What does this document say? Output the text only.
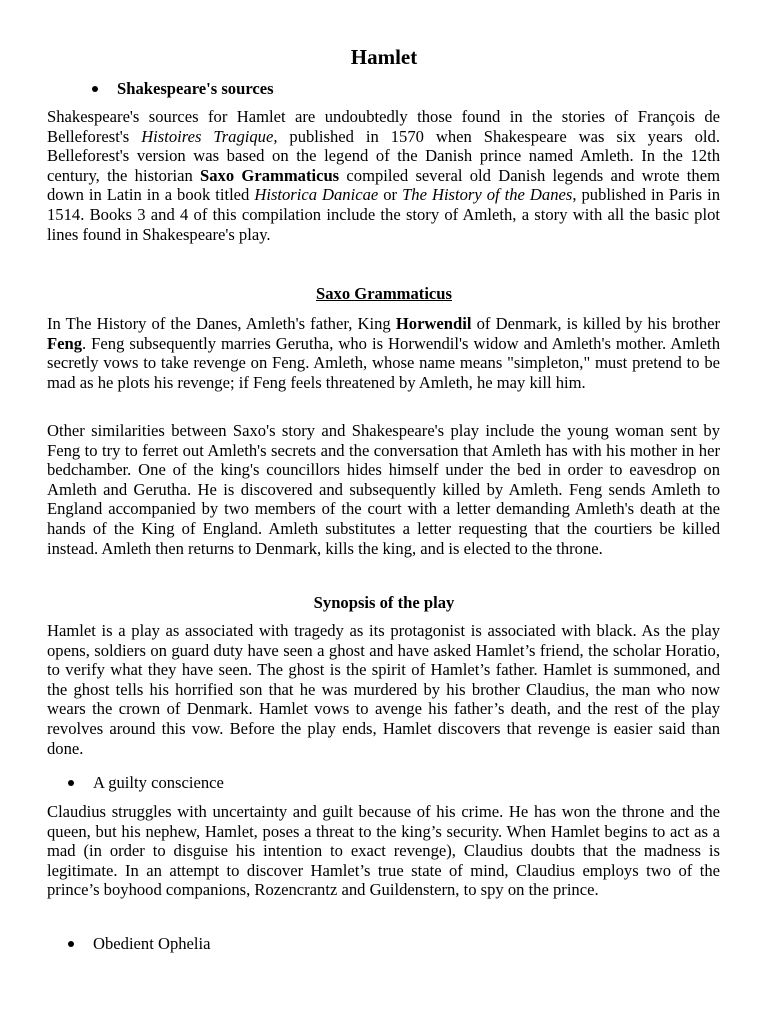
Hamlet
Shakespeare's sources

Shakespeare's sources for Hamlet are undoubtedly those found in the stories of François de Belleforest's Histoires Tragique, published in 1570 when Shakespeare was six years old. Belleforest's version was based on the legend of the Danish prince named Amleth. In the 12th century, the historian Saxo Grammaticus compiled several old Danish legends and wrote them down in Latin in a book titled Historica Danicae or The History of the Danes, published in Paris in 1514. Books 3 and 4 of this compilation include the story of Amleth, a story with all the basic plot lines found in Shakespeare's play.

Saxo Grammaticus

In The History of the Danes, Amleth's father, King Horwendil of Denmark, is killed by his brother Feng. Feng subsequently marries Gerutha, who is Horwendil's widow and Amleth's mother. Amleth secretly vows to take revenge on Feng. Amleth, whose name means "simpleton," must pretend to be mad as he plots his revenge; if Feng feels threatened by Amleth, he may kill him.

Other similarities between Saxo's story and Shakespeare's play include the young woman sent by Feng to try to ferret out Amleth's secrets and the conversation that Amleth has with his mother in her bedchamber. One of the king's councillors hides himself under the bed in order to eavesdrop on Amleth and Gerutha. He is discovered and subsequently killed by Amleth. Feng sends Amleth to England accompanied by two members of the court with a letter demanding Amleth's death at the hands of the King of England. Amleth substitutes a letter requesting that the courtiers be killed instead. Amleth then returns to Denmark, kills the king, and is elected to the throne.

Synopsis of the play

Hamlet is a play as associated with tragedy as its protagonist is associated with black. As the play opens, soldiers on guard duty have seen a ghost and have asked Hamlet’s friend, the scholar Horatio, to verify what they have seen. The ghost is the spirit of Hamlet’s father. Hamlet is summoned, and the ghost tells his horrified son that he was murdered by his brother Claudius, the man who now wears the crown of Denmark. Hamlet vows to avenge his father’s death, and the rest of the play revolves around this vow. Before the play ends, Hamlet discovers that revenge is easier said than done.

A guilty conscience

Claudius struggles with uncertainty and guilt because of his crime. He has won the throne and the queen, but his nephew, Hamlet, poses a threat to the king’s security. When Hamlet begins to act as a mad (in order to disguise his intention to exact revenge), Claudius doubts that the madness is legitimate. In an attempt to discover Hamlet’s true state of mind, Claudius employs two of the prince’s boyhood companions, Rozencrantz and Guildenstern, to spy on the prince.

Obedient Ophelia
